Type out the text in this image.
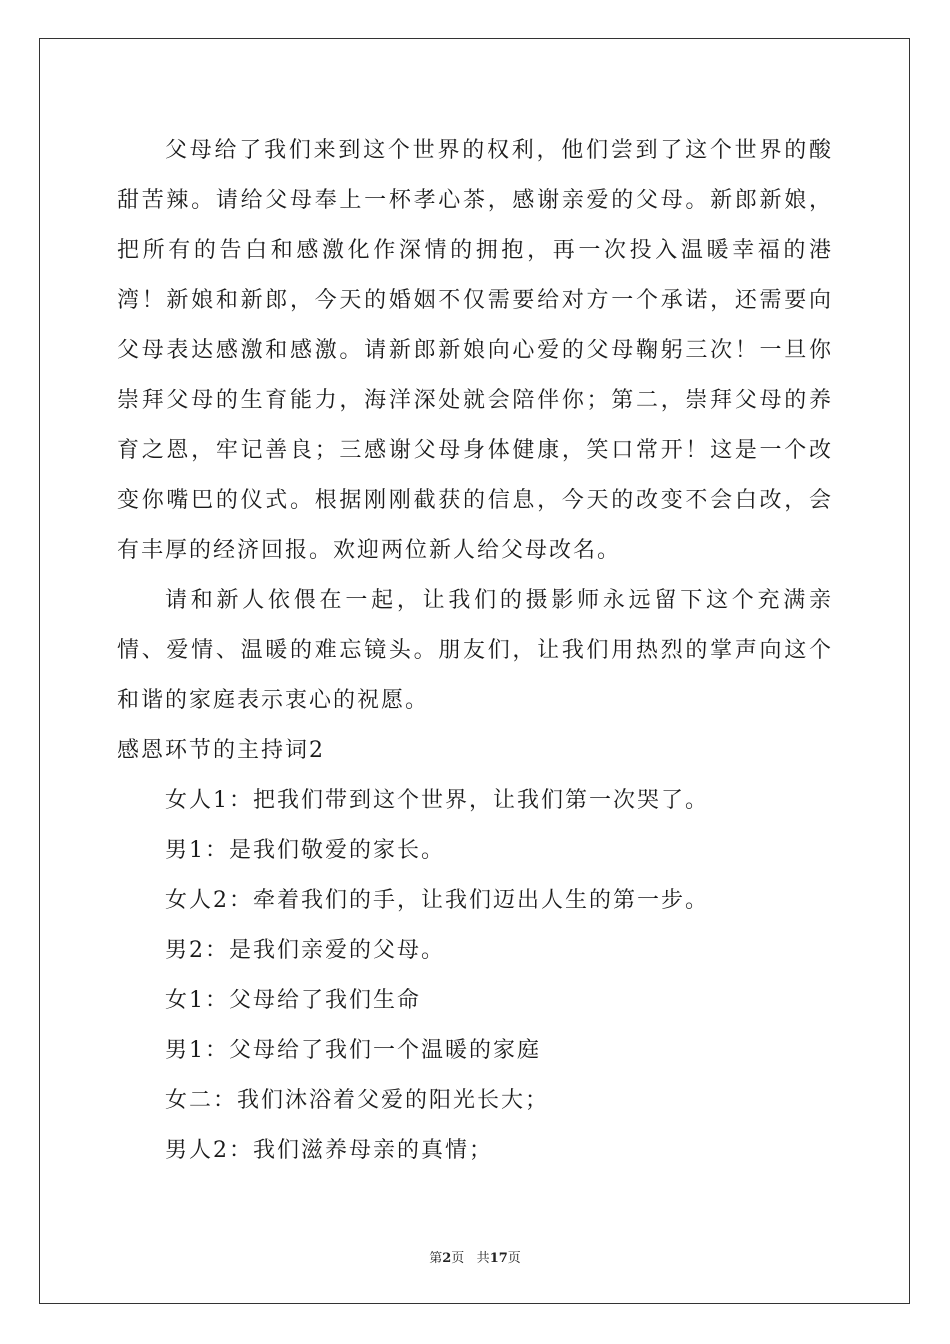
父母给了我们来到这个世界的权利，他们尝到了这个世界的酸甜苦辣。请给父母奉上一杯孝心茶，感谢亲爱的父母。新郎新娘，把所有的告白和感激化作深情的拥抱，再一次投入温暖幸福的港湾！新娘和新郎，今天的婚姻不仅需要给对方一个承诺，还需要向父母表达感激和感激。请新郎新娘向心爱的父母鞠躬三次！一旦你崇拜父母的生育能力，海洋深处就会陪伴你；第二，崇拜父母的养育之恩，牢记善良；三感谢父母身体健康，笑口常开！这是一个改变你嘴巴的仪式。根据刚刚截获的信息，今天的改变不会白改，会有丰厚的经济回报。欢迎两位新人给父母改名。

请和新人依偎在一起，让我们的摄影师永远留下这个充满亲情、爱情、温暖的难忘镜头。朋友们，让我们用热烈的掌声向这个和谐的家庭表示衷心的祝愿。

感恩环节的主持词2

女人1：把我们带到这个世界，让我们第一次哭了。

男1：是我们敬爱的家长。

女人2：牵着我们的手，让我们迈出人生的第一步。

男2：是我们亲爱的父母。

女1：父母给了我们生命

男1：父母给了我们一个温暖的家庭

女二：我们沐浴着父爱的阳光长大；

男人2：我们滋养母亲的真情；

第2页 共17页
